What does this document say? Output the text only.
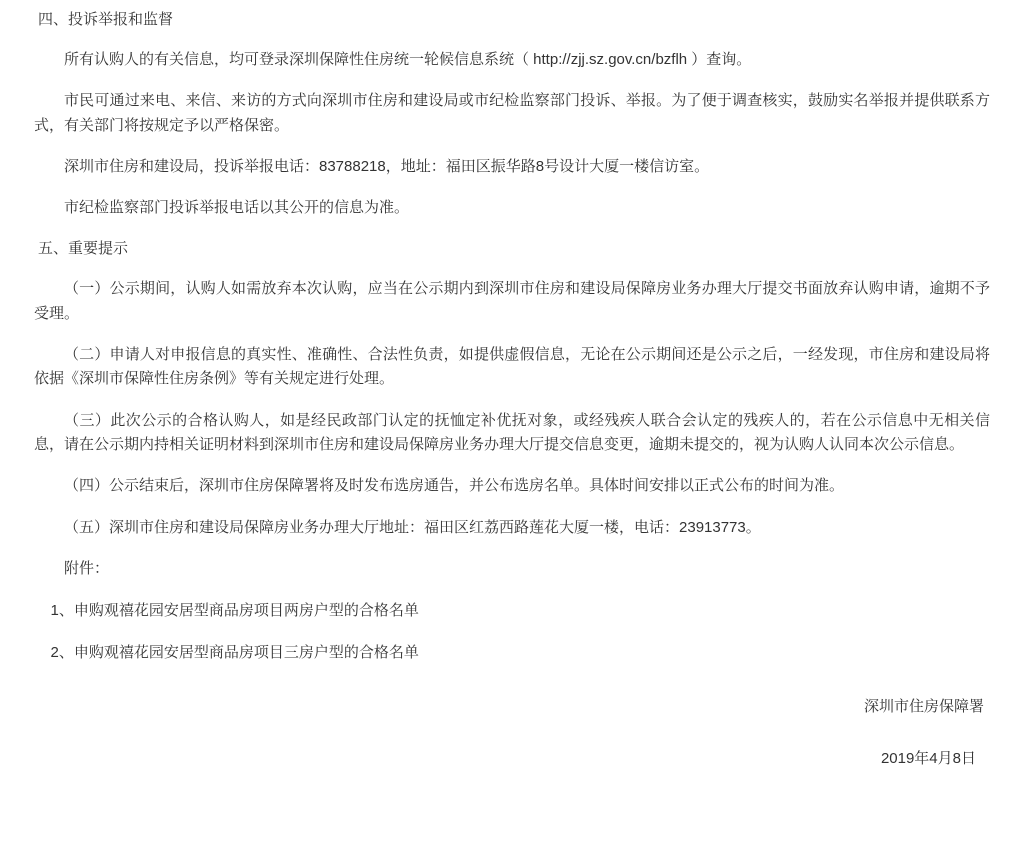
四、投诉举报和监督

所有认购人的有关信息，均可登录深圳保障性住房统一轮候信息系统（ http://zjj.sz.gov.cn/bzflh ）查询。

市民可通过来电、来信、来访的方式向深圳市住房和建设局或市纪检监察部门投诉、举报。为了便于调查核实，鼓励实名举报并提供联系方式，有关部门将按规定予以严格保密。

深圳市住房和建设局，投诉举报电话：83788218，地址：福田区振华路8号设计大厦一楼信访室。

市纪检监察部门投诉举报电话以其公开的信息为准。

五、重要提示

（一）公示期间，认购人如需放弃本次认购，应当在公示期内到深圳市住房和建设局保障房业务办理大厅提交书面放弃认购申请，逾期不予受理。

（二）申请人对申报信息的真实性、准确性、合法性负责，如提供虚假信息，无论在公示期间还是公示之后，一经发现，市住房和建设局将依据《深圳市保障性住房条例》等有关规定进行处理。

（三）此次公示的合格认购人，如是经民政部门认定的抚恤定补优抚对象，或经残疾人联合会认定的残疾人的，若在公示信息中无相关信息，请在公示期内持相关证明材料到深圳市住房和建设局保障房业务办理大厅提交信息变更，逾期未提交的，视为认购人认同本次公示信息。

（四）公示结束后，深圳市住房保障署将及时发布选房通告，并公布选房名单。具体时间安排以正式公布的时间为准。

（五）深圳市住房和建设局保障房业务办理大厅地址：福田区红荔西路莲花大厦一楼，电话：23913773。

附件：

1、申购观禧花园安居型商品房项目两房户型的合格名单

2、申购观禧花园安居型商品房项目三房户型的合格名单

深圳市住房保障署

2019年4月8日
